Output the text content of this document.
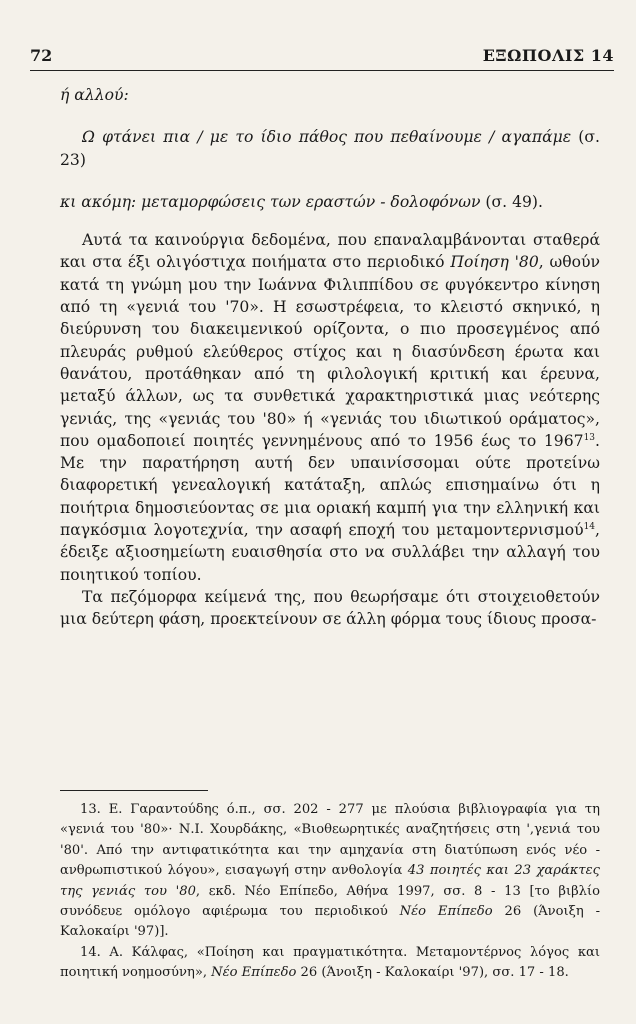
72	ΕΞΩΠΟΛΙΣ 14

ή αλλού:

Ω φτάνει πια / με το ίδιο πάθος που πεθαίνουμε / αγαπάμε (σ. 23)

κι ακόμη: μεταμορφώσεις των εραστών - δολοφόνων (σ. 49).

Αυτά τα καινούργια δεδομένα, που επαναλαμβάνονται σταθερά και στα έξι ολιγόστιχα ποιήματα στο περιοδικό Ποίηση '80, ωθούν κατά τη γνώμη μου την Ιωάννα Φιλιππίδου σε φυγόκεντρο κίνηση από τη «γενιά του '70». Η εσωστρέφεια, το κλειστό σκηνικό, η διεύρυνση του διακειμενικού ορίζοντα, ο πιο προσεγμένος από πλευράς ρυθμού ελεύθερος στίχος και η διασύνδεση έρωτα και θανάτου, προτάθηκαν από τη φιλολογική κριτική και έρευνα, μεταξύ άλλων, ως τα συνθετικά χαρακτηριστικά μιας νεότερης γενιάς, της «γενιάς του '80» ή «γενιάς του ιδιωτικού οράματος», που ομαδοποιεί ποιητές γεννημένους από το 1956 έως το 1967$^{13}$. Με την παρατήρηση αυτή δεν υπαινίσσομαι ούτε προτείνω διαφορετική γενεαλογική κατάταξη, απλώς επισημαίνω ότι η ποιήτρια δημοσιεύοντας σε μια οριακή καμπή για την ελληνική και παγκόσμια λογοτεχνία, την ασαφή εποχή του μεταμοντερνισμού$^{14}$, έδειξε αξιοσημείωτη ευαισθησία στο να συλλάβει την αλλαγή του ποιητικού τοπίου.

Τα πεζόμορφα κείμενά της, που θεωρήσαμε ότι στοιχειοθετούν μια δεύτερη φάση, προεκτείνουν σε άλλη φόρμα τους ίδιους προσα-

13. Ε. Γαραντούδης ό.π., σσ. 202 - 277 με πλούσια βιβλιογραφία για τη «γενιά του '80»· Ν.Ι. Χουρδάκης, «Βιοθεωρητικές αναζητήσεις στη ',γενιά του '80'. Από την αντιφατικότητα και την αμηχανία στη διατύπωση ενός νέο - ανθρωπιστικού λόγου», εισαγωγή στην ανθολογία 43 ποιητές και 23 χαράκτες της γενιάς του '80, εκδ. Νέο Επίπεδο, Αθήνα 1997, σσ. 8 - 13 [το βιβλίο συνόδευε ομόλογο αφιέρωμα του περιοδικού Νέο Επίπεδο 26 (Άνοιξη - Καλοκαίρι '97)].

14. Α. Κάλφας, «Ποίηση και πραγματικότητα. Μεταμοντέρνος λόγος και ποιητική νοημοσύνη», Νέο Επίπεδο 26 (Άνοιξη - Καλοκαίρι '97), σσ. 17 - 18.
